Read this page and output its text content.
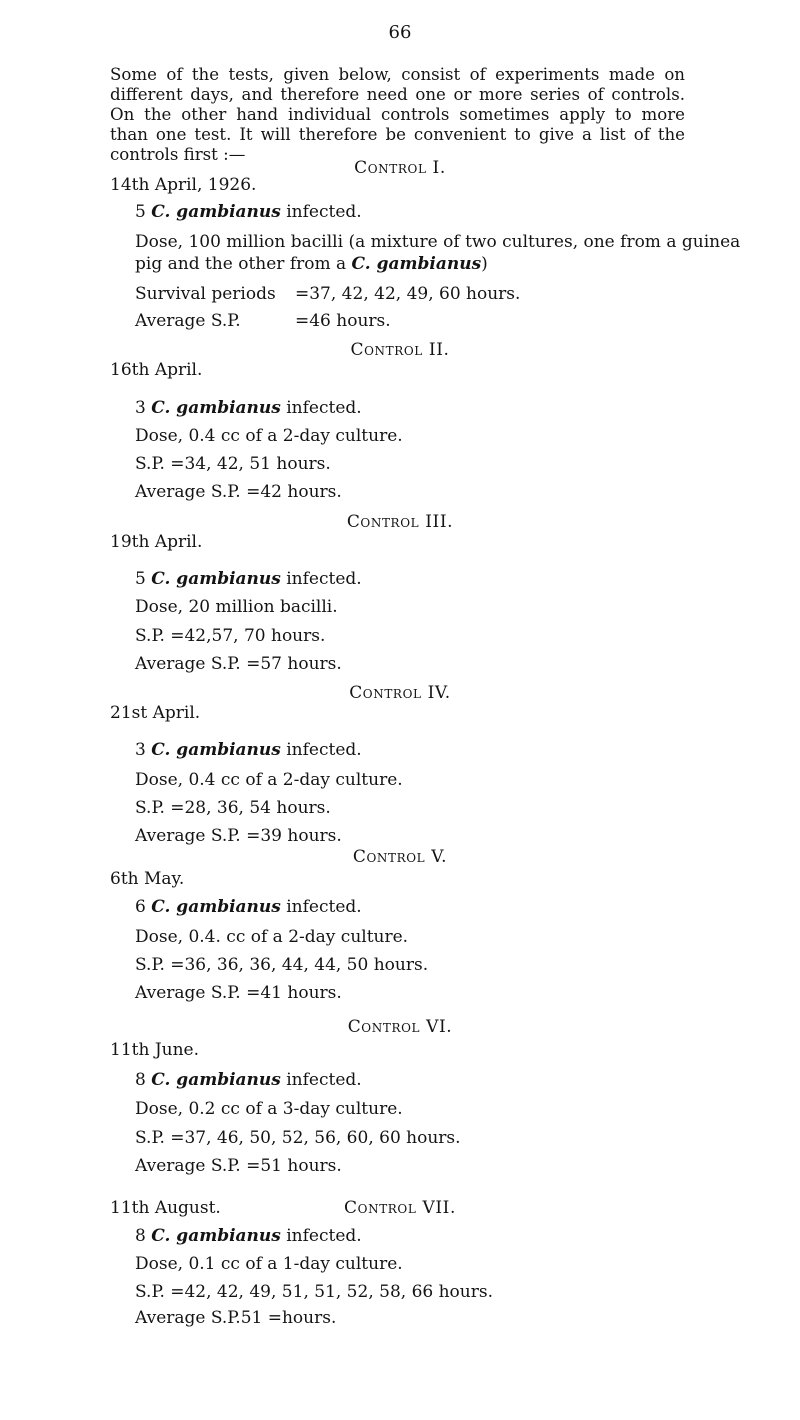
66
Some of the tests, given below, consist of experiments made on different days, and therefore need one or more series of controls. On the other hand individual controls sometimes apply to more than one test. It will therefore be convenient to give a list of the controls first :—
Control I.
14th April, 1926.
5 C. gambianus infected.
Dose, 100 million bacilli (a mixture of two cultures, one from a guinea
pig and the other from a C. gambianus)
Survival periods =37, 42, 42, 49, 60 hours.
Average S.P.	=46 hours.
Control II.
16th April.
3 C. gambianus infected.
Dose, 0.4 cc of a 2-day culture.
S.P. =34, 42, 51 hours.
Average S.P. =42 hours.
Control III.
19th April.
5 C. gambianus infected.
Dose, 20 million bacilli.
S.P. =42,57, 70 hours.
Average S.P. =57 hours.
Control IV.
21st April.
3 C. gambianus infected.
Dose, 0.4 cc of a 2-day culture.
S.P. =28, 36, 54 hours.
Average S.P. =39 hours.
Control V.
6th May.
6 C. gambianus infected.
Dose, 0.4. cc of a 2-day culture.
S.P. =36, 36, 36, 44, 44, 50 hours.
Average S.P. =41 hours.
Control VI.
11th June.
8 C. gambianus infected.
Dose, 0.2 cc of a 3-day culture.
S.P. =37, 46, 50, 52, 56, 60, 60 hours.
Average S.P. =51 hours.
11th August.	Control VII.
8 C. gambianus infected.
Dose, 0.1 cc of a 1-day culture.
S.P. =42, 42, 49, 51, 51, 52, 58, 66 hours.
Average S.P.51 =hours.
